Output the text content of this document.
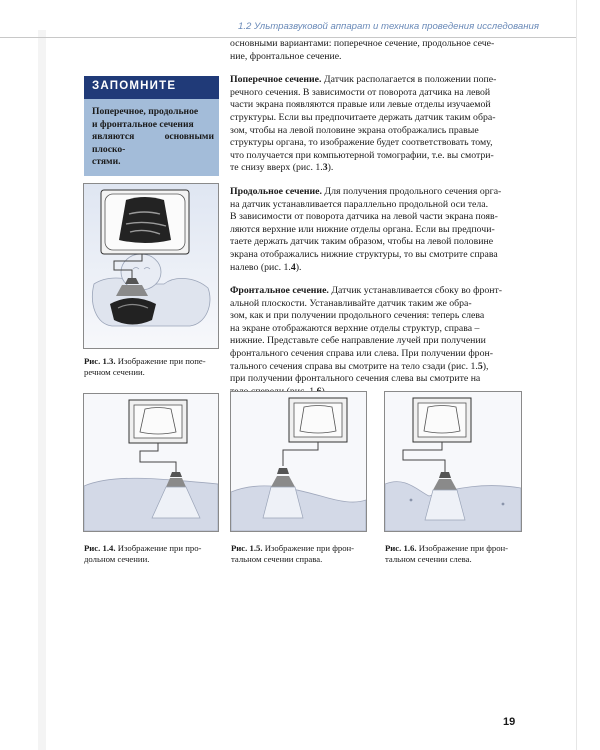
1.2 Ультразвуковой аппарат и техника проведения исследования
ЗАПОМНИТЕ
Поперечное, продольное
и фронтальное сечения
являются основными плоско-
стями.
основными вариантами: поперечное сечение, продольное сече-
ние, фронтальное сечение.
Поперечное сечение. Датчик располагается в положении попе-
речного сечения. В зависимости от поворота датчика на левой
части экрана появляются правые или левые отделы изучаемой
структуры. Если вы предпочитаете держать датчик таким обра-
зом, чтобы на левой половине экрана отображались правые
структуры органа, то изображение будет соответствовать тому,
что получается при компьютерной томографии, т.е. вы смотри-
те снизу вверх (рис. 1.3).
Продольное сечение. Для получения продольного сечения орга-
на датчик устанавливается параллельно продольной оси тела.
В зависимости от поворота датчика на левой части экрана появ-
ляются верхние или нижние отделы органа. Если вы предпочи-
таете держать датчик таким образом, чтобы на левой половине
экрана отображались нижние структуры, то вы смотрите справа
налево (рис. 1.4).
Фронтальное сечение. Датчик устанавливается сбоку во фронт-
альной плоскости. Устанавливайте датчик таким же обра-
зом, как и при получении продольного сечения: теперь слева
на экране отображаются верхние отделы структур, справа –
нижние. Представьте себе направление лучей при получении
фронтального сечения справа или слева. При получении фрон-
тального сечения справа вы смотрите на тело сзади (рис. 1.5),
при получении фронтального сечения слева вы смотрите на
Рис. 1.3. Изображение при попе-
речном сечении.
Рис. 1.4. Изображение при про-
дольном сечении.
Рис. 1.5. Изображение при фрон-
тальном сечении справа.
Рис. 1.6. Изображение при фрон-
тальном сечении слева.
19
